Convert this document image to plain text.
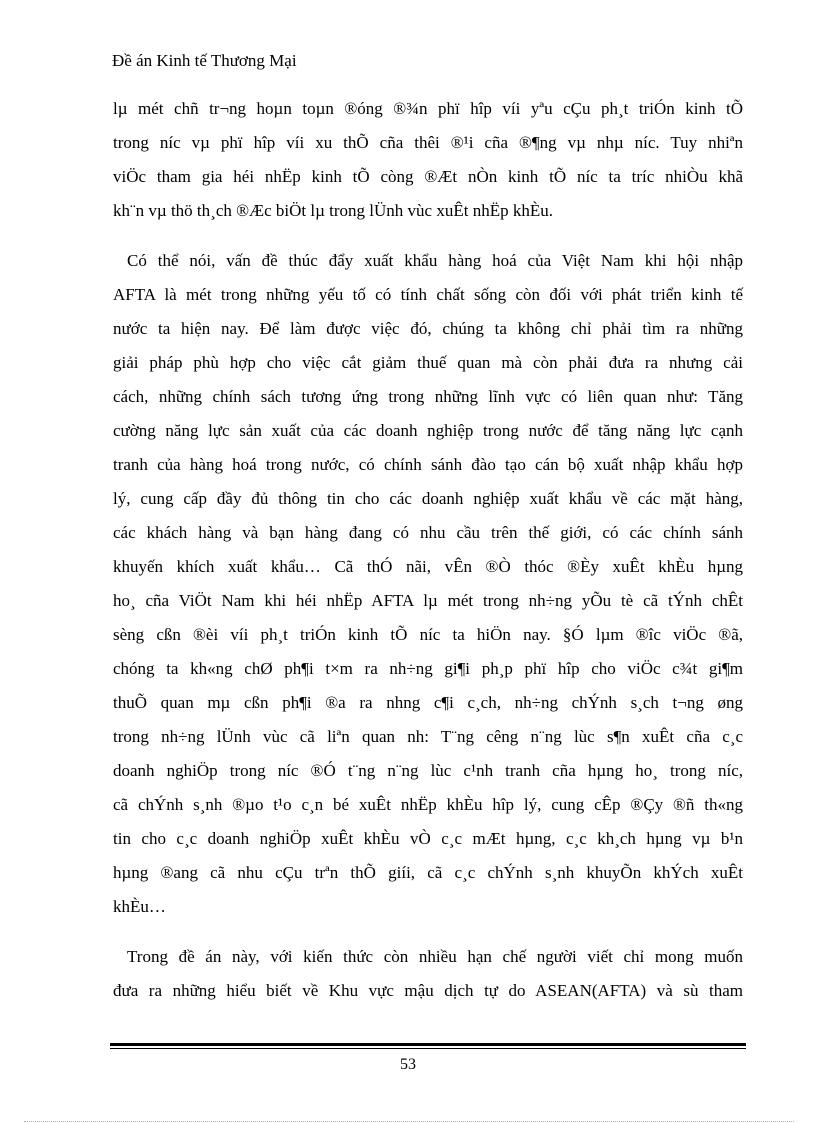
Đề án Kinh tế Thương Mại
lµ mét chñ tr¬ng hoµn toµn ®óng ®¾n phï hîp víi yªu cÇu ph¸t triÓn kinh tÕ
trong níc vµ phï hîp víi xu thÕ cña thêi ®¹i cña ®¶ng vµ nhµ níc. Tuy nhiªn
viÖc tham gia héi nhËp kinh tÕ còng ®Æt nÒn kinh tÕ níc ta tríc nhiÒu khã
kh¨n vµ thö th¸ch ®Æc biÖt lµ trong lÜnh vùc xuÊt nhËp khÈu.
Có thể nói, vấn đề thúc đẩy xuất khẩu hàng hoá của Việt Nam khi hội nhập
AFTA là mét trong những yếu tố có tính chất sống còn đối với phát triển kinh tế
nước ta hiện nay. Để làm được việc đó, chúng ta không chỉ phải tìm ra những
giải pháp phù hợp cho việc cắt giảm thuế quan mà còn phải đưa ra nhưng cải
cách, những chính sách tương ứng trong những lĩnh vực có liên quan như: Tăng
cường năng lực sản xuất của các doanh nghiệp trong nước để tăng năng lực cạnh
tranh của hàng hoá trong nước, có chính sánh đào tạo cán bộ xuất nhập khẩu hợp
lý, cung cấp đầy đủ thông tin cho các doanh nghiệp xuất khẩu về các mặt hàng,
các khách hàng và bạn hàng đang có nhu cầu trên thế giới, có các chính sánh
khuyến khích xuất khẩu… Cã thÓ nãi, vÊn ®Ò thóc ®Èy xuÊt khÈu hµng
ho¸ cña ViÖt Nam khi héi nhËp AFTA lµ mét trong nh÷ng yÕu tè cã tÝnh chÊt
sèng cßn ®èi víi ph¸t triÓn kinh tÕ níc ta hiÖn nay. §Ó lµm ®îc viÖc ®ã,
chóng ta kh«ng chØ ph¶i t×m ra nh÷ng gi¶i ph¸p phï hîp cho viÖc c¾t gi¶m
thuÕ quan mµ cßn ph¶i ®a ra nhng c¶i c¸ch, nh÷ng chÝnh s¸ch t¬ng øng
trong nh÷ng lÜnh vùc cã liªn quan nh: T¨ng cêng n¨ng lùc s¶n xuÊt cña c¸c
doanh nghiÖp trong níc ®Ó t¨ng n¨ng lùc c¹nh tranh cña hµng ho¸ trong níc,
cã chÝnh s¸nh ®µo t¹o c¸n bé xuÊt nhËp khÈu hîp lý, cung cÊp ®Çy ®ñ th«ng
tin cho c¸c doanh nghiÖp xuÊt khÈu vÒ c¸c mÆt hµng, c¸c kh¸ch hµng vµ b¹n
hµng ®ang cã nhu cÇu trªn thÕ giíi, cã c¸c chÝnh s¸nh khuyÕn khÝch xuÊt
khÈu…
Trong đề án này, với kiến thức còn nhiều hạn chế người viết chỉ mong muốn
đưa ra những hiểu biết về Khu vực mậu dịch tự do ASEAN(AFTA) và sù tham
53
